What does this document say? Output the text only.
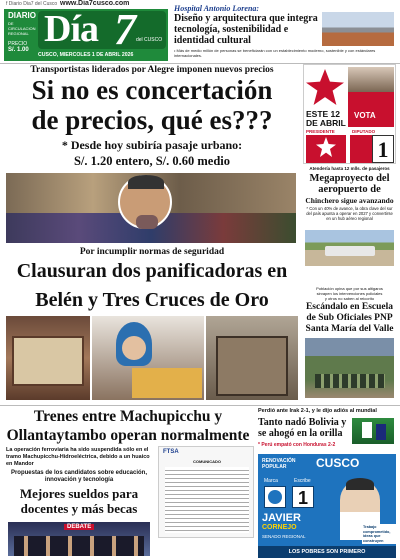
f Diario Dia7 del Cusco www.Dia7cusco.com
DIARIO
DE
CIRCULACION
REGIONAL
PRECIO
S/. 1.00 Día 7 del CUSCO
CUSCO, MIERCOLES 1 DE ABRIL 2026
Hospital Antonio Lorena:
Diseño y arquitectura que integra tecnología, sostenibilidad e identidad cultural
• Más de medio millón de personas se beneficiarán con un establecimiento moderno, sostenible y con estándares internacionales.
Transportistas liderados por Alegre imponen nuevos precios
Si no es concertación
de precios, qué es???
* Desde hoy subiría pasaje urbano:
S/. 1.20 entero, S/. 0.60 medio
ESTE 12
DE ABRIL
VOTA
PRESIDENTE	DIPUTADO
1
Atendería hasta 12 mlls. de pasajeros
Megaproyecto del aeropuerto de
Chinchero sigue avanzando
* Con un 40% de avance, la obra clave del sur del país apunta a operar en 2027 y convertirse en un hub aéreo regional
Por incumplir normas de seguridad
Clausuran dos panificadoras en
Belén y Tres Cruces de Oro
Población opina que por sus altigaros
sirvapen los intervenciones policiales
y otros no saben al reicorito
Escándalo en Escuela de Sub Oficiales PNP Santa María del Valle
Trenes entre Machupicchu y
Ollantaytambo operan normalmente
La operación ferroviaria ha sido suspendida sólo en el tramo Machupicchu-Hidroeléctrica, debido a un huaico en Mandor
FTSA
COMUNICADO
Perdió ante Irak 2-1, y le dijo adiós al mundial
Tanto nadó Bolivia y se ahogó en la orilla
* Perú empató con Honduras 2-2
Propuestas de los candidatos sobre educación, innovación y tecnología
Mejores sueldos para docentes y más becas
DEBATE
RENOVACIÓN POPULAR	CUSCO
Marca	Escribe
1
JAVIER
CORNEJO
SENADO REGIONAL
Trabajo comprometido, ideas que construyen
LOS POBRES SON PRIMERO
